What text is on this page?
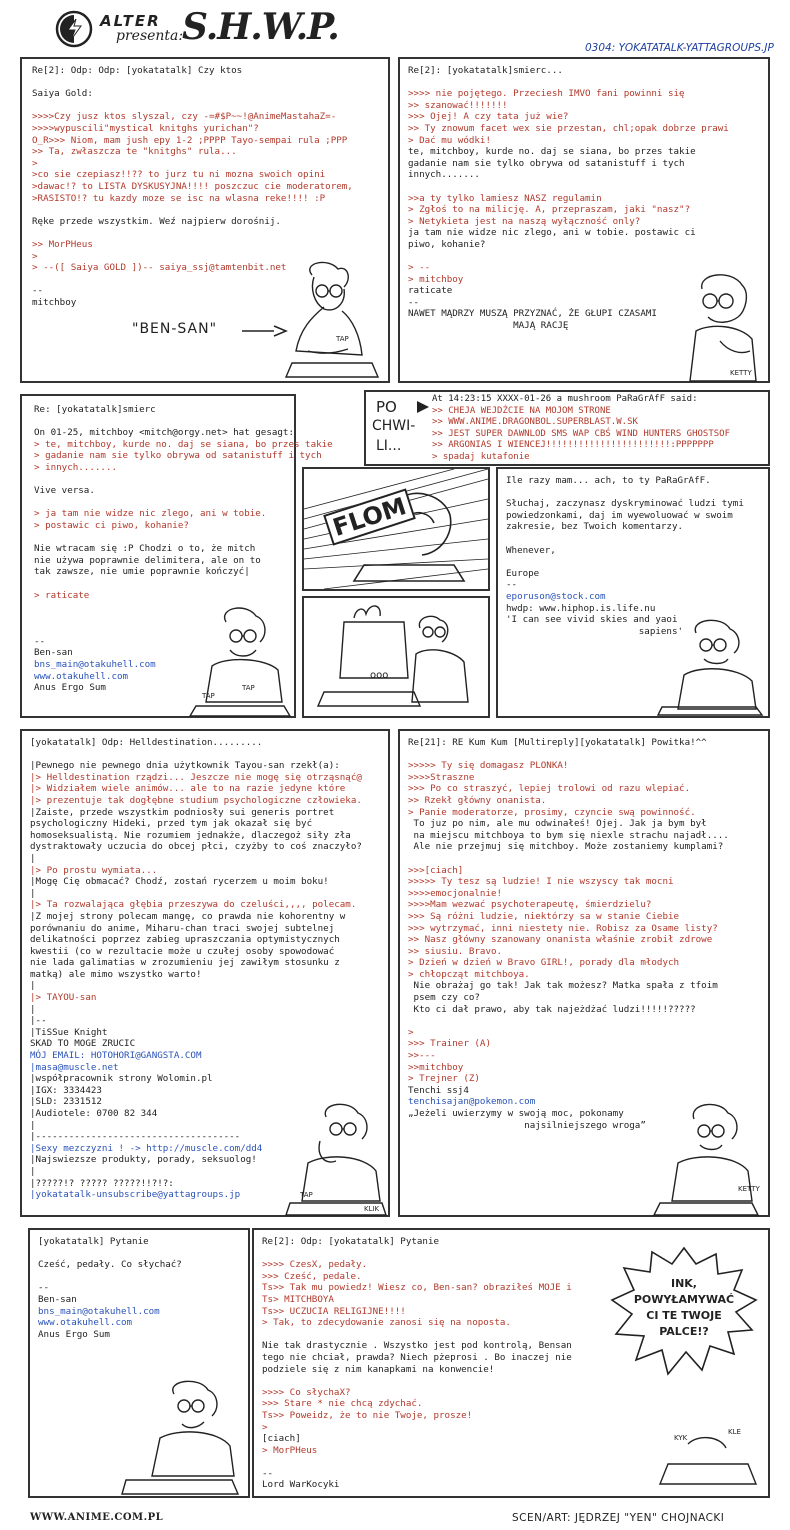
ALTER
presenta:
S.H.W.P.	0304: YOKATATALK-YATTAGROUPS.JP
Re[2]: Odp: Odp: [yokatatalk] Czy ktos
Saiya Gold:
>>>>Czy jusz ktos slyszal, czy -=#$P~~!@AnimeMastahaZ=-
>>>>wypuscili"mystical knitghs yurichan"?
O_R>>> Niom, mam jush epy 1-2 ;PPPP Tayo-sempai rula ;PPP
>> Ta, zwłaszcza te "knitghs" rula...
>
>co sie czepiasz!!?? to jurz tu ni mozna swoich opini
>dawac!? to LISTA DYSKUSYJNA!!!! poszczuc cie moderatorem,
>RASISTO!? tu kazdy moze se isc na wlasna reke!!!! :P
Ręke przede wszystkim. Weź najpierw dorośnij.
>> MorPHeus
>
> --([ Saiya GOLD ])-- saiya_ssj@tamtenbit.net
--
mitchboy
"BEN-SAN"
TAP
Re[2]: [yokatatalk]smierc...
>>>> nie pojętego. Przeciesh IMVO fani powinni się
>> szanować!!!!!!!
>>> Ojej! A czy tata już wie?
>> Ty znowum facet wex sie przestan, chl;opak dobrze prawi
> Dać mu wódki!
te, mitchboy, kurde no. daj se siana, bo przes takie
gadanie nam sie tylko obrywa od satanistuff i tych
innych.......
>>a ty tylko lamiesz NASZ regulamin
> Zgłoś to na milicję. A, przepraszam, jaki "nasz"?
> Netykieta jest na naszą wyłączność only?
ja tam nie widze nic zlego, ani w tobie. postawic ci
piwo, kohanie?
> --
> mitchboy
raticate
--
NAWET MĄDRZY MUSZĄ PRZYZNAĆ, ŻE GŁUPI CZASAMI
MAJĄ RACJĘ
KETTY
Re: [yokatatalk]smierc
On 01-25, mitchboy <mitch@orgy.net> hat gesagt:
> te, mitchboy, kurde no. daj se siana, bo przes takie
> gadanie nam sie tylko obrywa od satanistuff i tych
> innych.......
Vive versa.
> ja tam nie widze nic zlego, ani w tobie.
> postawic ci piwo, kohanie?
Nie wtracam się :P Chodzi o to, że mitch
nie używa poprawnie delimitera, ale on to
tak zawsze, nie umie poprawnie kończyć|
> raticate
--
Ben-san
bns_main@otakuhell.com
www.otakuhell.com
Anus Ergo Sum	TAP
TAP
PO
CHWI-
LI...
At 14:23:15 XXXX-01-26 a mushroom PaRaGrAfF said:
>> CHEJA WEJDŹCIE NA MOJOM STRONE
>> WWW.ANIME.DRAGONBOL.SUPERBLAST.W.SK
>> JEST SUPER DAWNLOD SMS WAP CBŚ WIND HUNTERS GHOSTSOF
>> ARGONIAS I WIENCEJ!!!!!!!!!!!!!!!!!!!!!!!:PPPPPPP
> spadaj kutafonie
FLOM
ooo
Ile razy mam... ach, to ty PaRaGrAfF.
Słuchaj, zaczynasz dyskryminować ludzi tymi
powiedzonkami, daj im wyewoluować w swoim
zakresie, bez Twoich komentarzy.
Whenever,
Europe
--
eporuson@stock.com
hwdp: www.hiphop.is.life.nu
'I can see vivid skies and yaoi
sapiens'
[yokatatalk] Odp: Helldestination.........
|Pewnego nie pewnego dnia użytkownik Tayou-san rzekł(a):
|> Helldestination rządzi... Jeszcze nie mogę się otrząsnąć@
|> Widziałem wiele animów... ale to na razie jedyne które
|> prezentuje tak dogłębne studium psychologiczne człowieka.
|Zaiste, przede wszystkim podniosły sui generis portret
psychologiczny Hideki, przed tym jak okazał się być
homoseksualistą. Nie rozumiem jednakże, dlaczegoż siły zła
dystraktowały uczucia do obcej płci, czyżby to coś znaczyło?
|
|> Po prostu wymiata...
|Mogę Cię obmacać? Chodź, zostań rycerzem u moim boku!
|
|> Ta rozwalająca głębia przeszywa do czeluści,,,, polecam.
|Z mojej strony polecam mangę, co prawda nie kohorentny w
porównaniu do anime, Miharu-chan traci swojej subtelnej
delikatności poprzez zabieg upraszczania optymistycznych
kwestii (co w rezultacie może u czułej osoby spowodować
nie lada galimatias w zrozumieniu jej zawiłym stosunku z
matką) ale mimo wszystko warto!
|
|> TAYOU-san
|
|--
|TiSSue Knight
SKAD TO MOGE ZRUCIC
MÓJ EMAIL: HOTOHORI@GANGSTA.COM
|masa@muscle.net
|współpracownik strony Wolomin.pl
|IGX: 3334423
|SLD: 2331512
|Audiotele: 0700 82 344
|
|-------------------------------------
|Sexy mezczyzni ! -> http://muscle.com/dd4
|Najswiezsze produkty, porady, seksuolog!
|
|?????!? ????? ?????!!?!?:
|yokatatalk-unsubscribe@yattagroups.jp	TAP
KLIK
Re[21]: RE Kum Kum [Multireply][yokatatalk] Powitka!^^
>>>>> Ty się domagasz PLONKA!
>>>>Straszne
>>> Po co straszyć, lepiej trolowi od razu wlepiać.
>> Rzekł główny onanista.
> Panie moderatorze, prosimy, czyncie swą powinność.
To juz po nim, ale mu odwinałeś! Ojej. Jak ja bym był
na miejscu mitchboya to bym się niexle strachu najadł....
Ale nie przejmuj się mitchboy. Może zostaniemy kumplami?
>>>[ciach]
>>>>> Ty tesz są ludzie! I nie wszyscy tak mocni
>>>>emocjonalnie!
>>>>Mam wezwać psychoterapeutę, śmierdzielu?
>>> Są różni ludzie, niektórzy sa w stanie Ciebie
>>> wytrzymać, inni niestety nie. Robisz za Osame listy?
>> Nasz główny szanowany onanista właśnie zrobił zdrowe
>> siusiu. Bravo.
> Dzień w dzień w Bravo GIRL!, porady dla młodych
> chłopcząt mitchboya.
Nie obrażaj go tak! Jak tak możesz? Matka spała z tfoim
psem czy co?
Kto ci dał prawo, aby tak najeżdżać ludzi!!!!!?????
>
>>> Trainer (A)
>>---
>>mitchboy
> Trejner (Z)
Tenchi ssj4
tenchisajan@pokemon.com
„Jeżeli uwierzymy w swoją moc, pokonamy
najsilniejszego wroga”
KETTY
[yokatatalk] Pytanie
Cześć, pedały. Co słychać?
--
Ben-san
bns_main@otakuhell.com
www.otakuhell.com
Anus Ergo Sum
Re[2]: Odp: [yokatatalk] Pytanie
>>>> CzesX, pedały.
>>> Cześć, pedale.
Ts>> Tak mu powiedz! Wiesz co, Ben-san? obraziłeś MOJE i
Ts> MITCHBOYA
Ts>> UCZUCIA RELIGIJNE!!!!
> Tak, to zdecydowanie zanosi się na nopostа.
Nie tak drastycznie . Wszystko jest pod kontrolą, Bensan
tego nie chciał, prawda? Niech pżeprosi . Bo inaczej nie
podziele się z nim kanapkami na konwencie!
>>>> Co słychaX?
>>> Stare * nie chcą zdychać.
Ts>> Poweidz, że to nie Twoje, prosze!
>
[ciach]
> MorPHeus
--
Lord WarKocyki
INK,
POWYŁAMYWAĆ
CI TE TWOJE
PALCE!?
KYK
KLE
WWW.ANIME.COM.PL	SCEN/ART: JĘDRZEJ "YEN" CHOJNACKI
